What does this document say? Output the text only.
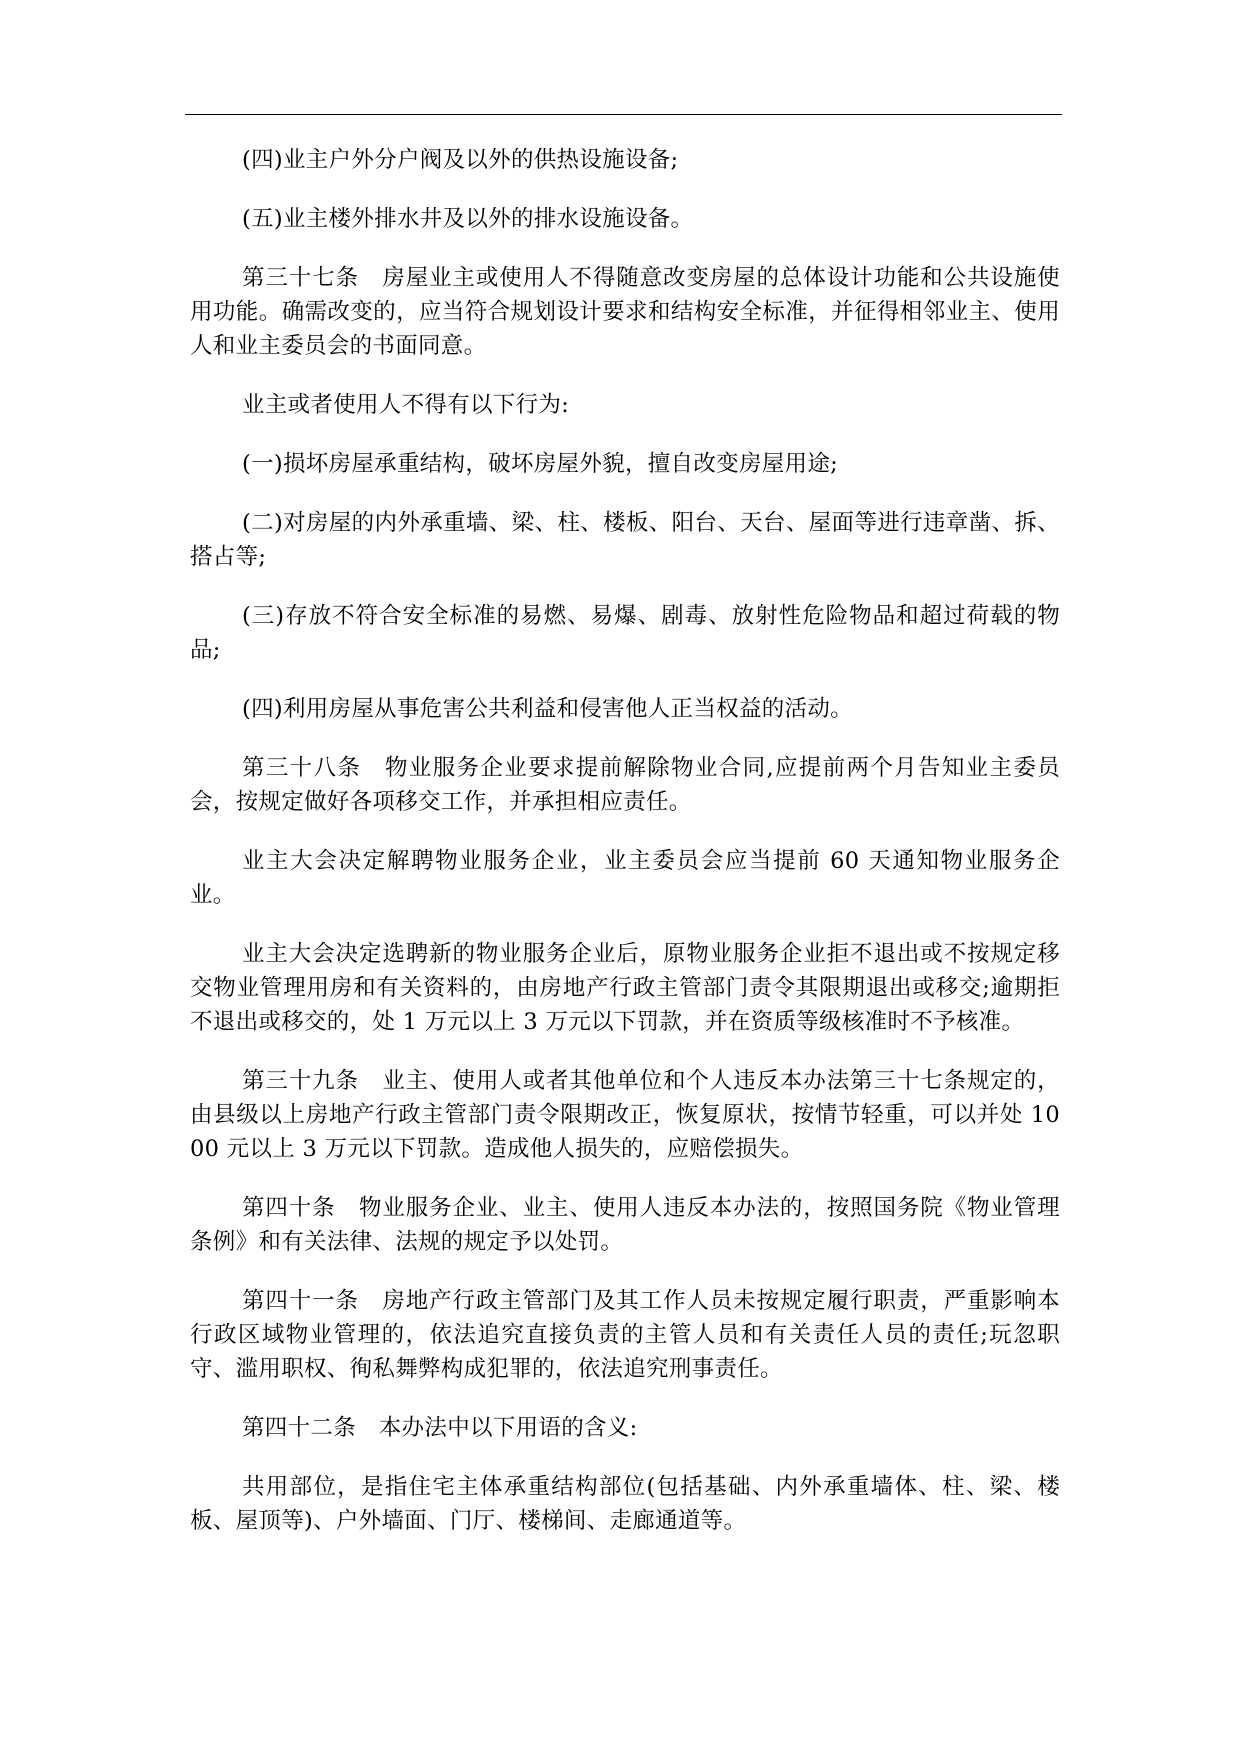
(四)业主户外分户阀及以外的供热设施设备;

(五)业主楼外排水井及以外的排水设施设备。

第三十七条　房屋业主或使用人不得随意改变房屋的总体设计功能和公共设施使用功能。确需改变的，应当符合规划设计要求和结构安全标准，并征得相邻业主、使用人和业主委员会的书面同意。

业主或者使用人不得有以下行为:

(一)损坏房屋承重结构，破坏房屋外貌，擅自改变房屋用途;

(二)对房屋的内外承重墙、梁、柱、楼板、阳台、天台、屋面等进行违章凿、拆、搭占等;

(三)存放不符合安全标准的易燃、易爆、剧毒、放射性危险物品和超过荷载的物品;

(四)利用房屋从事危害公共利益和侵害他人正当权益的活动。

第三十八条　物业服务企业要求提前解除物业合同,应提前两个月告知业主委员会，按规定做好各项移交工作，并承担相应责任。

业主大会决定解聘物业服务企业，业主委员会应当提前 60 天通知物业服务企业。

业主大会决定选聘新的物业服务企业后，原物业服务企业拒不退出或不按规定移交物业管理用房和有关资料的，由房地产行政主管部门责令其限期退出或移交;逾期拒不退出或移交的，处 1 万元以上 3 万元以下罚款，并在资质等级核准时不予核准。

第三十九条　业主、使用人或者其他单位和个人违反本办法第三十七条规定的，由县级以上房地产行政主管部门责令限期改正，恢复原状，按情节轻重，可以并处 1000 元以上 3 万元以下罚款。造成他人损失的，应赔偿损失。

第四十条　物业服务企业、业主、使用人违反本办法的，按照国务院《物业管理条例》和有关法律、法规的规定予以处罚。

第四十一条　房地产行政主管部门及其工作人员未按规定履行职责，严重影响本行政区域物业管理的，依法追究直接负责的主管人员和有关责任人员的责任;玩忽职守、滥用职权、徇私舞弊构成犯罪的，依法追究刑事责任。

第四十二条　本办法中以下用语的含义:

共用部位，是指住宅主体承重结构部位(包括基础、内外承重墙体、柱、梁、楼板、屋顶等)、户外墙面、门厅、楼梯间、走廊通道等。
